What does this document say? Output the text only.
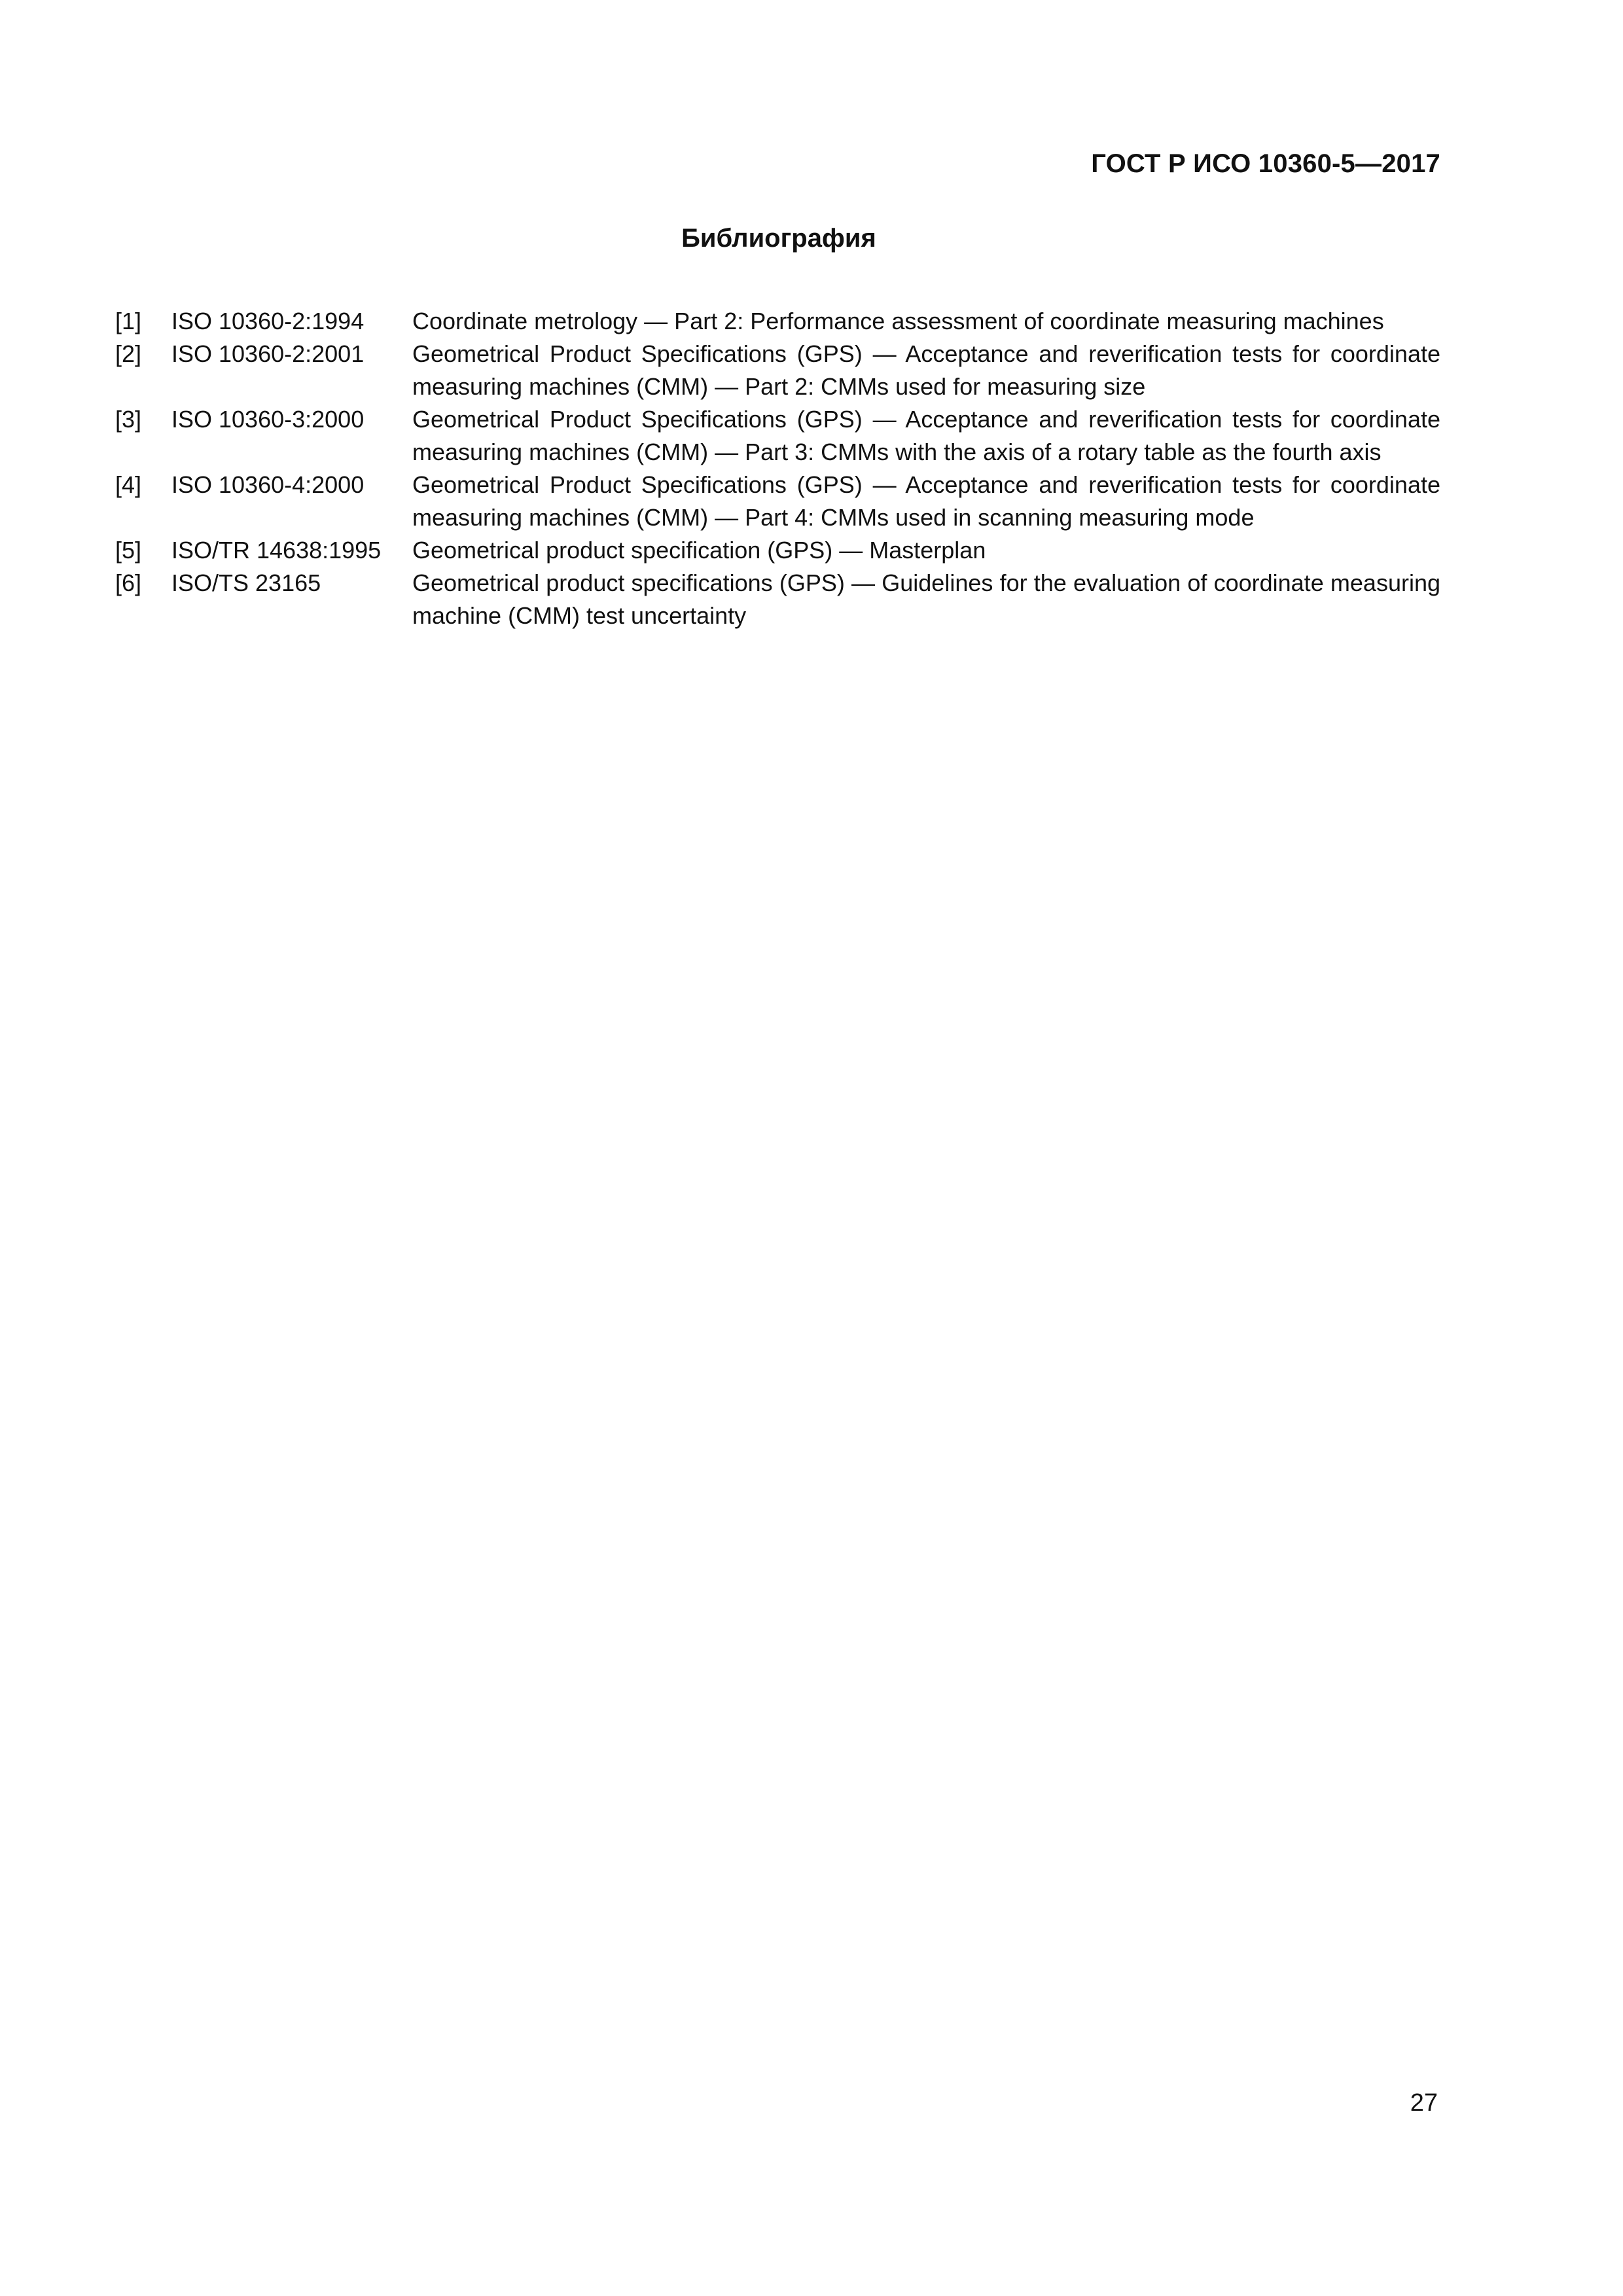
ГОСТ Р ИСО 10360-5—2017
Библиография
[1]	ISO 10360-2:1994	Coordinate metrology — Part 2: Performance assessment of coordinate measuring machines
[2]	ISO 10360-2:2001	Geometrical Product Specifications (GPS) — Acceptance and reverification tests for coordinate measuring machines (CMM) — Part 2: CMMs used for measuring size
[3]	ISO 10360-3:2000	Geometrical Product Specifications (GPS) — Acceptance and reverification tests for coordinate measuring machines (CMM) — Part 3: CMMs with the axis of a rotary table as the fourth axis
[4]	ISO 10360-4:2000	Geometrical Product Specifications (GPS) — Acceptance and reverification tests for coordinate measuring machines (CMM) — Part 4: CMMs used in scanning measuring mode
[5]	ISO/TR 14638:1995	Geometrical product specification (GPS) — Masterplan
[6]	ISO/TS 23165	Geometrical product specifications (GPS) — Guidelines for the evaluation of coordinate measuring machine (CMM) test uncertainty
27
